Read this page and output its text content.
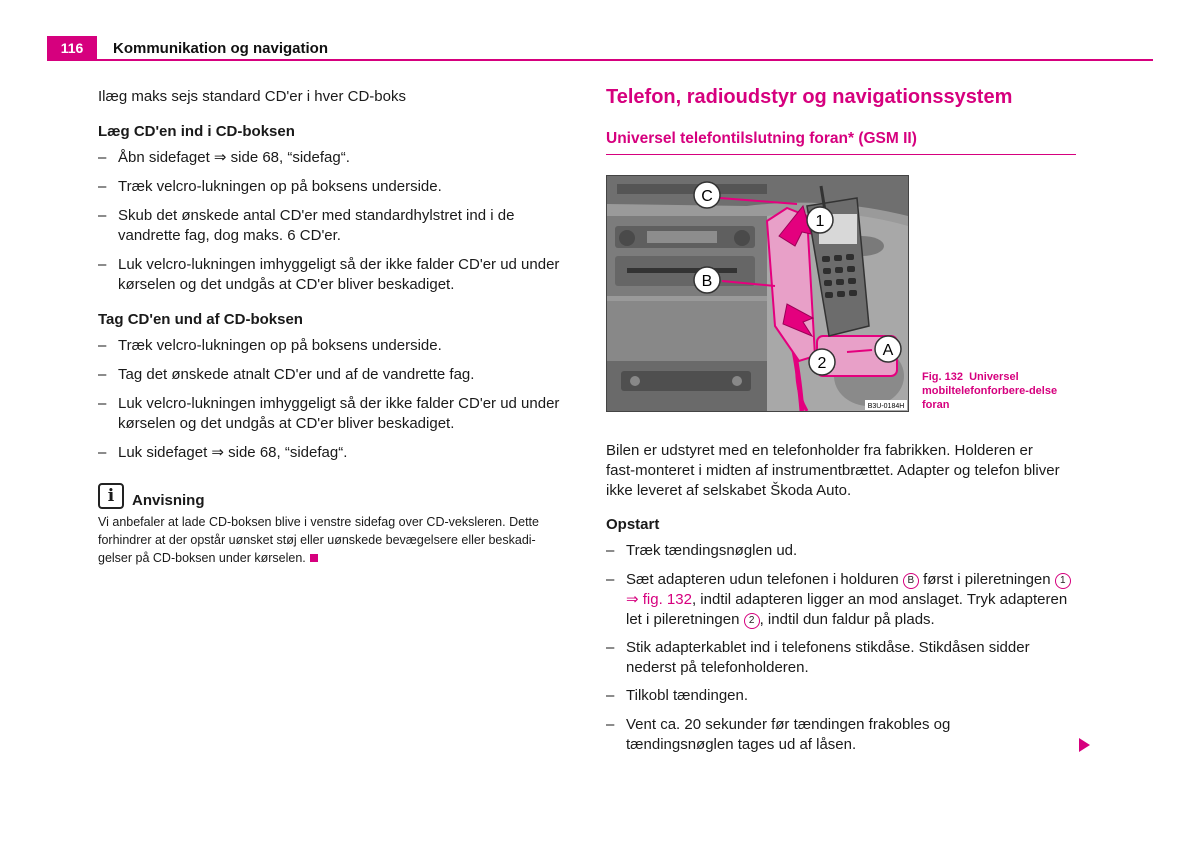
116	Kommunikation og navigation
Ilæg maks sejs standard CD'er i hver CD-boks
Læg CD'en ind i CD-boksen
– Åbn sidefaget ⇒ side 68, “sidefag“.
– Træk velcro-lukningen op på boksens underside.
– Skub det ønskede antal CD'er med standardhylstret ind i de vandrette fag, dog maks. 6 CD'er.
– Luk velcro-lukningen imhyggeligt så der ikke falder CD'er ud under kørselen og det undgås at CD'er bliver beskadiget.
Tag CD'en und af CD-boksen
– Træk velcro-lukningen op på boksens underside.
– Tag det ønskede atnalt CD'er und af de vandrette fag.
– Luk velcro-lukningen imhyggeligt så der ikke falder CD'er ud under kørselen og det undgås at CD'er bliver beskadiget.
– Luk sidefaget ⇒ side 68, “sidefag“.
i	Anvisning
Vi anbefaler at lade CD-boksen blive i venstre sidefag over CD-veksleren. Dette forhindrer at der opstår uønsket støj eller uønskede bevægelsere eller beskadi-gelser på CD-boksen under kørselen.
Telefon, radioudstyr og navigationssystem
Universel telefontilslutning foran* (GSM II)
C
1
B
2
A
B3U-0184H
Fig. 132 Universel mobiltelefonforbere-delse foran
Bilen er udstyret med en telefonholder fra fabrikken. Holderen er fast-monteret i midten af instrumentbrættet. Adapter og telefon bliver ikke leveret af selskabet Škoda Auto.
Opstart
– Træk tændingsnøglen ud.
– Sæt adapteren udun telefonen i holduren B først i pileretningen 1 ⇒ fig. 132, indtil adapteren ligger an mod anslaget. Tryk adapteren let i pileretningen 2 , indtil dun faldur på plads.
– Stik adapterkablet ind i telefonens stikdåse. Stikdåsen sidder nederst på telefonholderen.
– Tilkobl tændingen.
– Vent ca. 20 sekunder før tændingen frakobles og tændingsnøglen tages ud af låsen.
